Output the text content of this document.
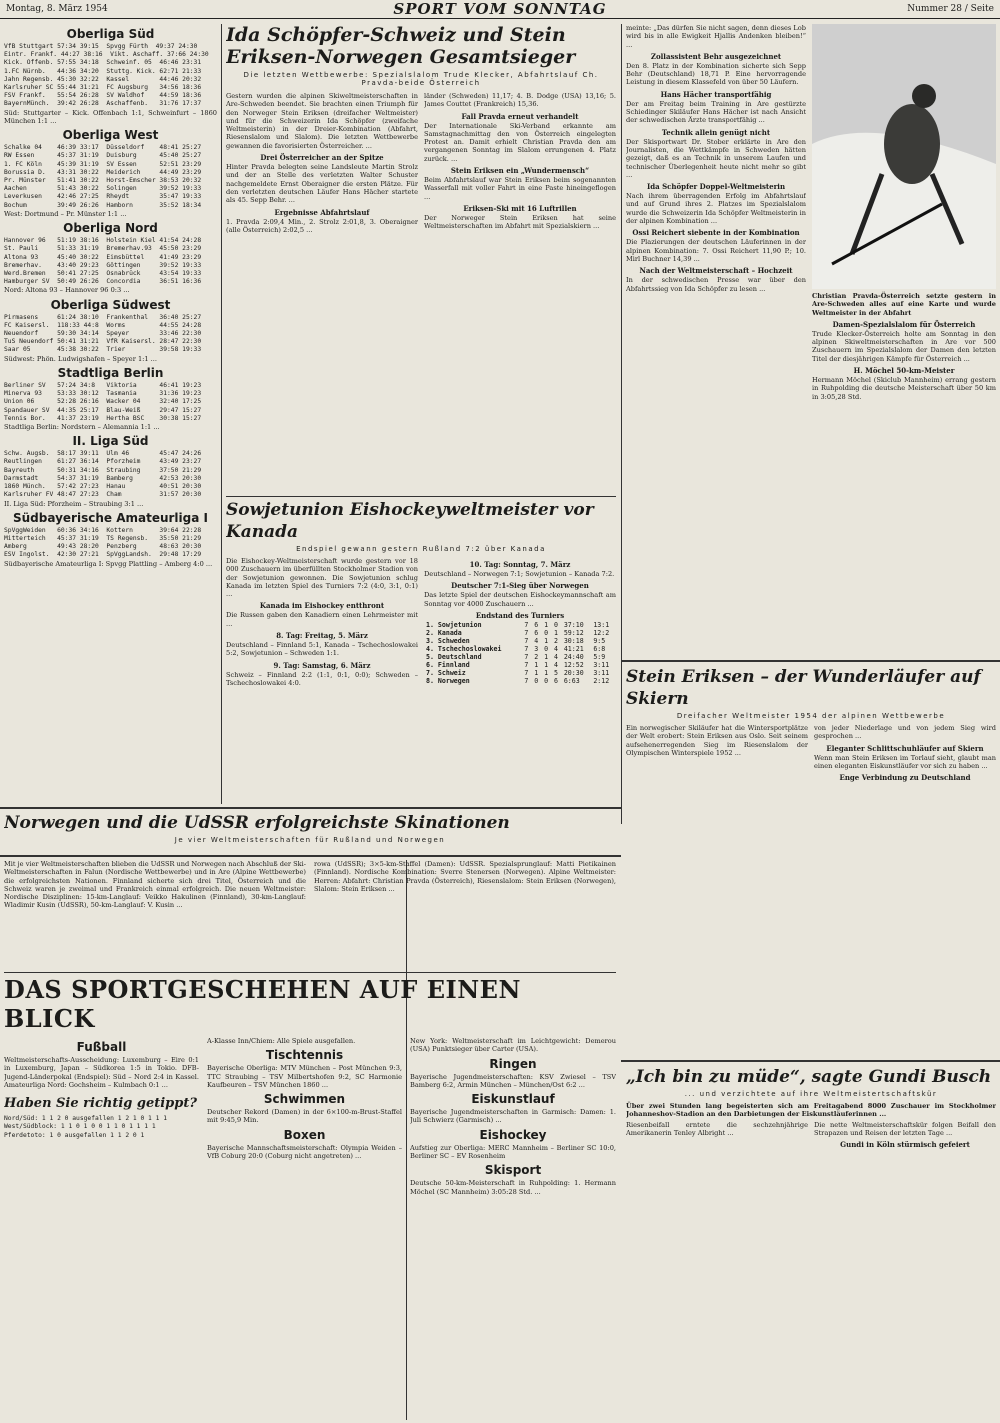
Montag, 8. März 1954	SPORT VOM SONNTAG	Nummer 28 / Seite
Oberliga Süd
VfB Stuttgart 57:34 39:15  Spvgg Fürth  49:37 24:30
Eintr. Frankf. 44:27 38:16  Vikt. Aschaff. 37:66 24:30
Kick. Offenb. 57:55 34:18  Schweinf. 05  46:46 23:31
1.FC Nürnb.   44:36 34:20  Stuttg. Kick. 62:71 21:33
Jahn Regensb. 45:30 32:22  Kassel        44:46 20:32
Karlsruher SC 55:44 31:21  FC Augsburg   34:56 18:36
FSV Frankf.   55:54 26:28  SV Waldhof    44:59 18:36
BayernMünch.  39:42 26:28  Aschaffenb.   31:76 17:37

Süd: Stuttgarter – Kick. Offenbach 1:1, Schweinfurt – 1860 München 1:1 ...

Oberliga West
Schalke 04    46:39 33:17  Düsseldorf    48:41 25:27
RW Essen      45:37 31:19  Duisburg      45:40 25:27
1. FC Köln    45:39 31:19  SV Essen      52:51 23:29
Borussia D.   43:31 30:22  Meiderich     44:49 23:29
Pr. Münster   51:41 30:22  Horst-Emscher 38:53 20:32
Aachen        51:43 30:22  Solingen      39:52 19:33
Leverkusen    42:46 27:25  Rheydt        35:47 19:33
Bochum        39:49 26:26  Hamborn       35:52 18:34

West: Dortmund – Pr. Münster 1:1 ...

Oberliga Nord
Hannover 96   51:19 38:16  Holstein Kiel 41:54 24:28
St. Pauli     51:33 31:19  Bremerhav.93  45:50 23:29
Altona 93     45:40 30:22  Eimsbüttel    41:49 23:29
Bremerhav.    43:40 29:23  Göttingen     39:52 19:33
Werd.Bremen   50:41 27:25  Osnabrück     43:54 19:33
Hamburger SV  50:49 26:26  Concordia     36:51 16:36

Nord: Altona 93 – Hannover 96 0:3 ...

Oberliga Südwest
Pirmasens     61:24 38:10  Frankenthal   36:40 25:27
FC Kaisersl.  118:33 44:8  Worms         44:55 24:28
Neuendorf     59:30 34:14  Speyer        33:46 22:30
TuS Neuendorf 50:41 31:21  VfR Kaisersl. 28:47 22:30
Saar 05       45:38 30:22  Trier         39:58 19:33

Südwest: Phön. Ludwigshafen – Speyer 1:1 ...

Stadtliga Berlin
Berliner SV   57:24 34:8   Viktoria      46:41 19:23
Minerva 93    53:33 30:12  Tasmania      31:36 19:23
Union 06      52:28 26:16  Wacker 04     32:40 17:25
Spandauer SV  44:35 25:17  Blau-Weiß     29:47 15:27
Tennis Bor.   41:37 23:19  Hertha BSC    30:38 15:27

Stadtliga Berlin: Nordstern – Alemannia 1:1 ...

II. Liga Süd
Schw. Augsb.  58:17 39:11  Ulm 46        45:47 24:26
Reutlingen    61:27 36:14  Pforzheim     43:49 23:27
Bayreuth      50:31 34:16  Straubing     37:50 21:29
Darmstadt     54:37 31:19  Bamberg       42:53 20:30
1860 Münch.   57:42 27:23  Hanau         40:51 20:30
Karlsruher FV 48:47 27:23  Cham          31:57 20:30

II. Liga Süd: Pforzheim – Straubing 3:1 ...

Südbayerische Amateurliga I
SpVggWeiden   60:36 34:16  Kottern       39:64 22:28
Mitterteich   45:37 31:19  TS Regensb.   35:50 21:29
Amberg        49:43 28:20  Penzberg      48:63 20:30
ESV Ingolst.  42:30 27:21  SpVggLandsh.  29:48 17:29

Südbayerische Amateurliga I: Spvgg Plattling – Amberg 4:0 ...

Ida Schöpfer-Schweiz und Stein Eriksen-Norwegen Gesamtsieger
Die letzten Wettbewerbe: Spezialslalom Trude Klecker, Abfahrtslauf Ch. Pravda-beide Österreich

Gestern wurden die alpinen Skiweltmeisterschaften in Are-Schweden beendet. Sie brachten einen Triumph für den Norweger Stein Eriksen (dreifacher Weltmeister) und für die Schweizerin Ida Schöpfer (zweifache Weltmeisterin) in der Dreier-Kombination (Abfahrt, Riesenslalom und Slalom). Die letzten Wettbewerbe gewannen die favorisierten Österreicher. ...

Drei Österreicher an der Spitze

Hinter Pravda belegten seine Landsleute Martin Strolz und der an Stelle des verletzten Walter Schuster nachgemeldete Ernst Oberaigner die ersten Plätze. Für den verletzten deutschen Läufer Hans Hächer startete als 45. Sepp Behr. ...

Ergebnisse Abfahrtslauf

1. Pravda 2:09,4 Min., 2. Strolz 2:01,8, 3. Oberaigner (alle Österreich) 2:02,5 ...

länder (Schweden) 11,17; 4. B. Dodge (USA) 13,16; 5. James Couttet (Frankreich) 15,36.

Fall Pravda erneut verhandelt

Der Internationale Ski-Verband erkannte am Samstagnachmittag den von Österreich eingelegten Protest an. Damit erhielt Christian Pravda den am vergangenen Sonntag im Slalom errungenen 4. Platz zurück. ...

Stein Eriksen ein „Wundermensch“

Beim Abfahrtslauf war Stein Eriksen beim sogenannten Wasserfall mit voller Fahrt in eine Paste hineingeflogen ...

Eriksen-Ski mit 16 Luftrillen

Der Norweger Stein Eriksen hat seine Weltmeisterschaften im Abfahrt mit Spezialskiern ...

Sowjetunion Eishockeyweltmeister vor Kanada
Endspiel gewann gestern Rußland 7:2 über Kanada

Die Eishockey-Weltmeisterschaft wurde gestern vor 18 000 Zuschauern im überfüllten Stockholmer Stadion von der Sowjetunion gewonnen. Die Sowjetunion schlug Kanada im letzten Spiel des Turniers 7:2 (4:0, 3:1, 0:1) ...

Kanada im Eishockey entthront

Die Russen gaben den Kanadiern einen Lehrmeister mit ...

8. Tag: Freitag, 5. März

Deutschland – Finnland 5:1, Kanada – Tschechoslowakei 5:2, Sowjetunion – Schweden 1:1.

9. Tag: Samstag, 6. März

Schweiz – Finnland 2:2 (1:1, 0:1, 0:0); Schweden – Tschechoslowakei 4:0.

10. Tag: Sonntag, 7. März

Deutschland – Norwegen 7:1; Sowjetunion – Kanada 7:2.

Deutscher 7:1-Sieg über Norwegen

Das letzte Spiel der deutschen Eishockeymannschaft am Sonntag vor 4000 Zuschauern ...

Endstand des Turniers
1. Sowjetunion	7	6	1	0	37:10	13:1
2. Kanada	7	6	0	1	59:12	12:2
3. Schweden	7	4	1	2	30:18	9:5
4. Tschechoslowakei	7	3	0	4	41:21	6:8
5. Deutschland	7	2	1	4	24:40	5:9
6. Finnland	7	1	1	4	12:52	3:11
7. Schweiz	7	1	1	5	20:30	3:11
8. Norwegen	7	0	0	6	6:63	2:12

meinte: „Das dürfen Sie nicht sagen, denn dieses Lob wird bis in alle Ewigkeit Hjallis Andenken bleiben!“ ...

Zollassistent Behr ausgezeichnet

Den 8. Platz in der Kombination sicherte sich Sepp Behr (Deutschland) 18,71 P. Eine hervorragende Leistung in diesem Klassefeld von über 50 Läufern.

Hans Hächer transportfähig

Der am Freitag beim Training in Are gestürzte Schiedinger Skiläufer Hans Hächer ist nach Ansicht der schwedischen Ärzte transportfähig ...

Technik allein genügt nicht

Der Skisportwart Dr. Stober erklärte in Are den Journalisten, die Wettkämpfe in Schweden hätten gezeigt, daß es an Technik in unserem Laufen und technischer Überlegenheit heute nicht mehr so gibt ...

Ida Schöpfer Doppel-Weltmeisterin

Nach ihrem überragenden Erfolg im Abfahrtslauf und auf Grund ihres 2. Platzes im Spezialslalom wurde die Schweizerin Ida Schöpfer Weltmeisterin in der alpinen Kombination ...

Ossi Reichert siebente in der Kombination

Die Plazierungen der deutschen Läuferinnen in der alpinen Kombination: 7. Ossi Reichert 11,90 P.; 10. Mirl Buchner 14,39 ...

Nach der Weltmeisterschaft – Hochzeit

In der schwedischen Presse war über den Abfahrtssieg von Ida Schöpfer zu lesen ...

Christian Pravda-Österreich setzte gestern in Are-Schweden alles auf eine Karte und wurde Weltmeister in der Abfahrt

Damen-Spezialslalom für Österreich

Trude Klecker-Österreich holte am Sonntag in den alpinen Skiweltmeisterschaften in Are vor 500 Zuschauern im Spezialslalom der Damen den letzten Titel der diesjährigen Kämpfe für Österreich ...

H. Möchel 50-km-Meister

Hermann Möchel (Skiclub Mannheim) errang gestern in Ruhpolding die deutsche Meisterschaft über 50 km in 3:05,28 Std.

Stein Eriksen – der Wunderläufer auf Skiern
Dreifacher Weltmeister 1954 der alpinen Wettbewerbe

Ein norwegischer Skiläufer hat die Wintersportplätze der Welt erobert: Stein Eriksen aus Oslo. Seit seinem aufsehenerregenden Sieg im Riesenslalom der Olympischen Winterspiele 1952 ...

von jeder Niederlage und von jedem Sieg wird gesprochen ...

Eleganter Schlittschuhläufer auf Skiern

Wenn man Stein Eriksen im Torlauf sieht, glaubt man einen eleganten Eiskunstläufer vor sich zu haben ...

Enge Verbindung zu Deutschland
„Ich bin zu müde“, sagte Gundi Busch
... und verzichtete auf ihre Weltmeistertschaftskür

Über zwei Stunden lang begeisterten sich am Freitagabend 8000 Zuschauer im Stockholmer Johanneshov-Stadion an den Darbietungen der Eiskunstläuferinnen ...

Riesenbeifall erntete die sechzehnjährige Amerikanerin Tenley Albright ...

Die nette Weltmeisterschaftskür folgen Beifall den Strapazen und Reisen der letzten Tage ...

Gundi in Köln stürmisch gefeiert
Norwegen und die UdSSR erfolgreichste Skinationen
Je vier Weltmeisterschaften für Rußland und Norwegen

Mit je vier Weltmeisterschaften blieben die UdSSR und Norwegen nach Abschluß der Ski-Weltmeisterschaften in Falun (Nordische Wettbewerbe) und in Are (Alpine Wettbewerbe) die erfolgreichsten Nationen. Finnland sicherte sich drei Titel, Österreich und die Schweiz waren je zweimal und Frankreich einmal erfolgreich. Die neuen Weltmeister: Nordische Disziplinen: 15-km-Langlauf: Veikko Hakulinen (Finnland), 30-km-Langlauf: Wladimir Kusin (UdSSR), 50-km-Langlauf: V. Kusin ...

rowa (UdSSR); 3×5-km-Staffel (Damen): UdSSR. Spezialsprunglauf: Matti Pietikainen (Finnland). Nordische Kombination: Sverre Stenersen (Norwegen). Alpine Weltmeister: Herren: Abfahrt: Christian Pravda (Österreich), Riesenslalom: Stein Eriksen (Norwegen), Slalom: Stein Eriksen ...

DAS SPORTGESCHEHEN AUF EINEN BLICK
Fußball

Weltmeisterschafts-Ausscheidung: Luxemburg – Eire 0:1 in Luxemburg, Japan – Südkorea 1:5 in Tokio. DFB-Jugend-Länderpokal (Endspiel): Süd – Nord 2:4 in Kassel. Amateurliga Nord: Gochsheim – Kulmbach 0:1 ...

Haben Sie richtig getippt?
Nord/Süd: 1 1 2 0 ausgefallen 1 2 1 0 1 1 1
West/Südblock: 1 1 0 1 0 0 1 1 0 1 1 1 1
Pferdetoto: 1 0 ausgefallen 1 1 2 0 1

A-Klasse Inn/Chiem: Alle Spiele ausgefallen.

Tischtennis

Bayerische Oberliga: MTV München – Post München 9:3, TTC Straubing – TSV Milbertshofen 9:2, SC Harmonie Kaufbeuren – TSV München 1860 ...

Schwimmen

Deutscher Rekord (Damen) in der 6×100-m-Brust-Staffel mit 9:45,9 Min.

Boxen

Bayerische Mannschaftsmeisterschaft: Olympia Weiden – VfB Coburg 20:0 (Coburg nicht angetreten) ...

New York: Weltmeisterschaft im Leichtgewicht: Demerou (USA) Punktsieger über Carter (USA).

Ringen

Bayerische Jugendmeisterschaften: KSV Zwiesel – TSV Bamberg 6:2, Armin München – München/Ost 6:2 ...

Eiskunstlauf

Bayerische Jugendmeisterschaften in Garmisch: Damen: 1. Juli Schwierz (Garmisch) ...

Eishockey

Aufstieg zur Oberliga: MERC Mannheim – Berliner SC 10:0, Berliner SC – EV Rosenheim

Skisport

Deutsche 50-km-Meisterschaft in Ruhpolding: 1. Hermann Möchel (SC Mannheim) 3:05:28 Std. ...
